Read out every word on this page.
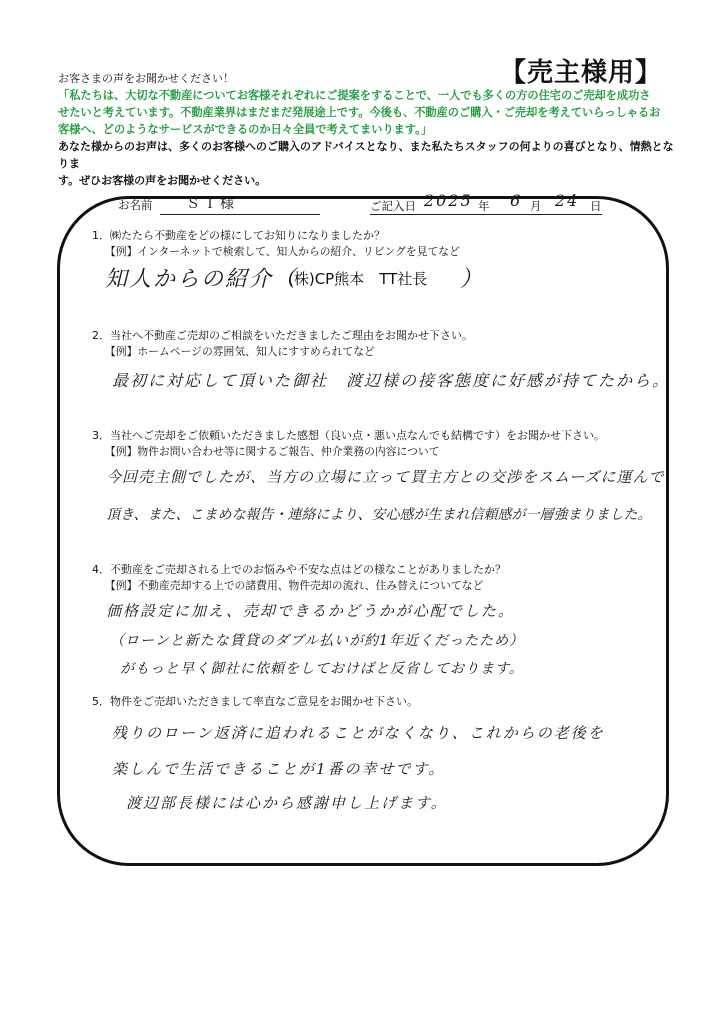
【売主様用】
お客さまの声をお聞かせください！
「私たちは、大切な不動産についてお客様それぞれにご提案をすることで、一人でも多くの方の住宅のご売却を成功さ
せたいと考えています。不動産業界はまだまだ発展途上です。今後も、不動産のご購入・ご売却を考えていらっしゃるお
客様へ、どのようなサービスができるのか日々全員で考えてまいります。」
あなた様からのお声は、多くのお客様へのご購入のアドバイスとなり、また私たちスタッフの何よりの喜びとなり、情熱となりま
す。ぜひお客様の声をお聞かせください。
お名前 ＳＩ様	ご記入日 2025 年 6 月 24 日
1．㈱たたら不動産をどの様にしてお知りになりましたか？
【例】インターネットで検索して、知人からの紹介、リビングを見てなど
知人からの紹介（
(株)CP熊本　TT社長 ）
2．当社へ不動産ご売却のご相談をいただきましたご理由をお聞かせ下さい。
【例】ホームページの雰囲気、知人にすすめられてなど
最初に対応して頂いた御社　渡辺様の接客態度に好感が持てたから。
3．当社へご売却をご依頼いただきました感想（良い点・悪い点なんでも結構です）をお聞かせ下さい。
【例】物件お問い合わせ等に関するご報告、仲介業務の内容について
今回売主側でしたが、当方の立場に立って買主方との交渉をスムーズに運んで
頂き、また、こまめな報告・連絡により、安心感が生まれ信頼感が一層強まりました。
4．不動産をご売却される上でのお悩みや不安な点はどの様なことがありましたか？
【例】不動産売却する上での諸費用、物件売却の流れ、住み替えについてなど
価格設定に加え、売却できるかどうかが心配でした。
（ローンと新たな賃貸のダブル払いが約1年近くだったため）
がもっと早く御社に依頼をしておけばと反省しております。
5．物件をご売却いただきまして率直なご意見をお聞かせ下さい。
残りのローン返済に追われることがなくなり、これからの老後を
楽しんで生活できることが1番の幸せです。
渡辺部長様には心から感謝申し上げます。
